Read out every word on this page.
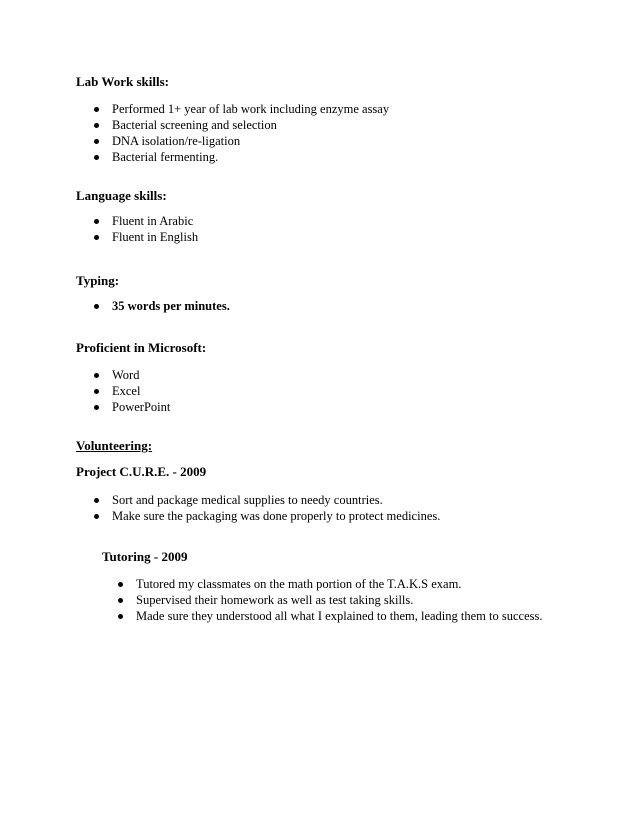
Lab Work skills:
Performed 1+ year of lab work including enzyme assay
Bacterial screening and selection
DNA isolation/re-ligation
Bacterial fermenting.
Language skills:
Fluent in Arabic
Fluent in English
Typing:
35 words per minutes.
Proficient in Microsoft:
Word
Excel
PowerPoint
Volunteering:
Project C.U.R.E. - 2009
Sort and package medical supplies to needy countries.
Make sure the packaging was done properly to protect medicines.
Tutoring - 2009
Tutored my classmates on the math portion of the T.A.K.S exam.
Supervised their homework as well as test taking skills.
Made sure they understood all what I explained to them, leading them to success.
